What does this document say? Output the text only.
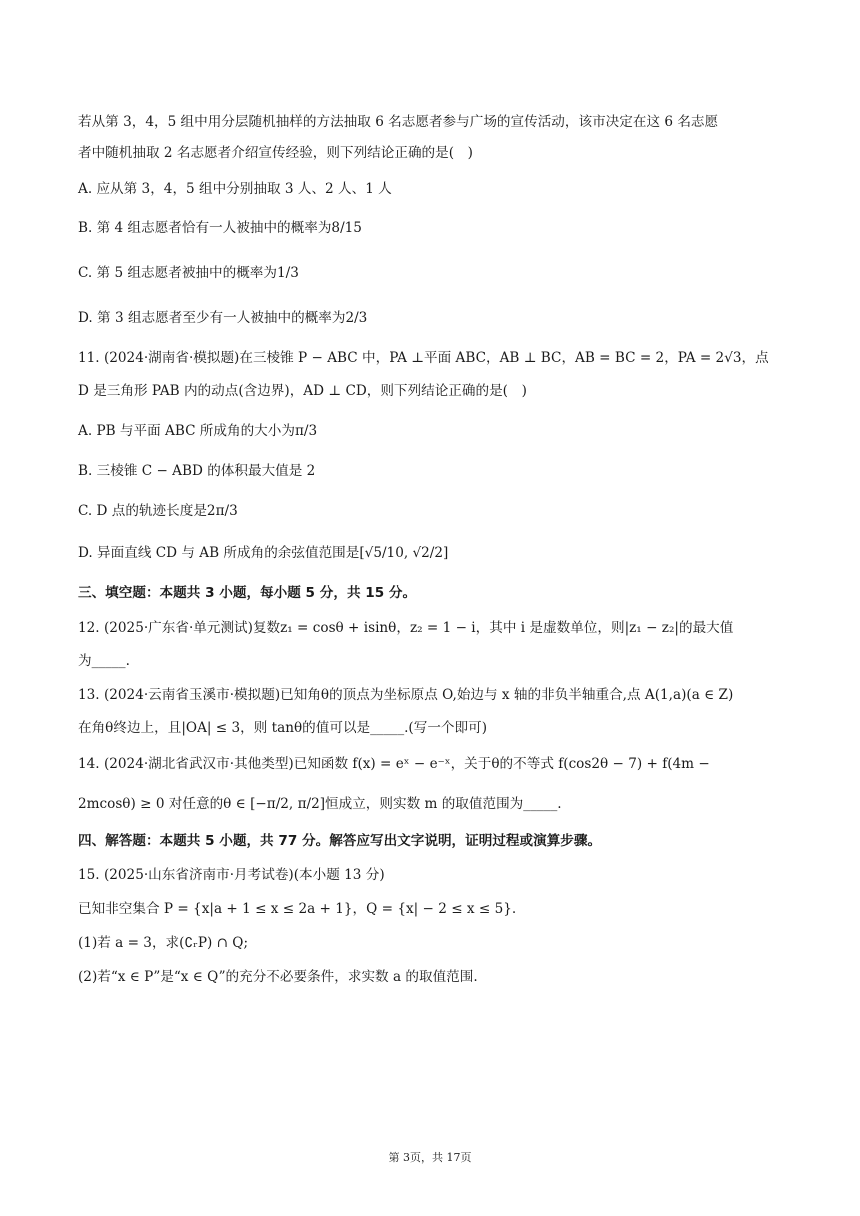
若从第 3，4，5 组中用分层随机抽样的方法抽取 6 名志愿者参与广场的宣传活动，该市决定在这 6 名志愿
者中随机抽取 2 名志愿者介绍宣传经验，则下列结论正确的是(　)
A. 应从第 3，4，5 组中分别抽取 3 人、2 人、1 人
B. 第 4 组志愿者恰有一人被抽中的概率为8/15
C. 第 5 组志愿者被抽中的概率为1/3
D. 第 3 组志愿者至少有一人被抽中的概率为2/3
11. (2024·湖南省·模拟题)在三棱锥 P − ABC 中，PA ⊥平面 ABC，AB ⊥ BC，AB = BC = 2，PA = 2√3，点
D 是三角形 PAB 内的动点(含边界)，AD ⊥ CD，则下列结论正确的是(　)
A. PB 与平面 ABC 所成角的大小为π/3
B. 三棱锥 C − ABD 的体积最大值是 2
C. D 点的轨迹长度是2π/3
D. 异面直线 CD 与 AB 所成角的余弦值范围是[√5/10, √2/2]
三、填空题：本题共 3 小题，每小题 5 分，共 15 分。
12. (2025·广东省·单元测试)复数z₁ = cosθ + isinθ，z₂ = 1 − i，其中 i 是虚数单位，则|z₁ − z₂|的最大值
为_____.
13. (2024·云南省玉溪市·模拟题)已知角θ的顶点为坐标原点 O,始边与 x 轴的非负半轴重合,点 A(1,a)(a ∈ Z)
在角θ终边上，且|OA| ≤ 3，则 tanθ的值可以是_____.(写一个即可)
14. (2024·湖北省武汉市·其他类型)已知函数 f(x) = eˣ − e⁻ˣ，关于θ的不等式 f(cos2θ − 7) + f(4m −
2mcosθ) ≥ 0 对任意的θ ∈ [−π/2, π/2]恒成立，则实数 m 的取值范围为_____.
四、解答题：本题共 5 小题，共 77 分。解答应写出文字说明，证明过程或演算步骤。
15. (2025·山东省济南市·月考试卷)(本小题 13 分)
已知非空集合 P = {x|a + 1 ≤ x ≤ 2a + 1}，Q = {x| − 2 ≤ x ≤ 5}.
(1)若 a = 3，求(∁ᵣP) ∩ Q;
(2)若“x ∈ P”是“x ∈ Q”的充分不必要条件，求实数 a 的取值范围.
第 3页，共 17页
